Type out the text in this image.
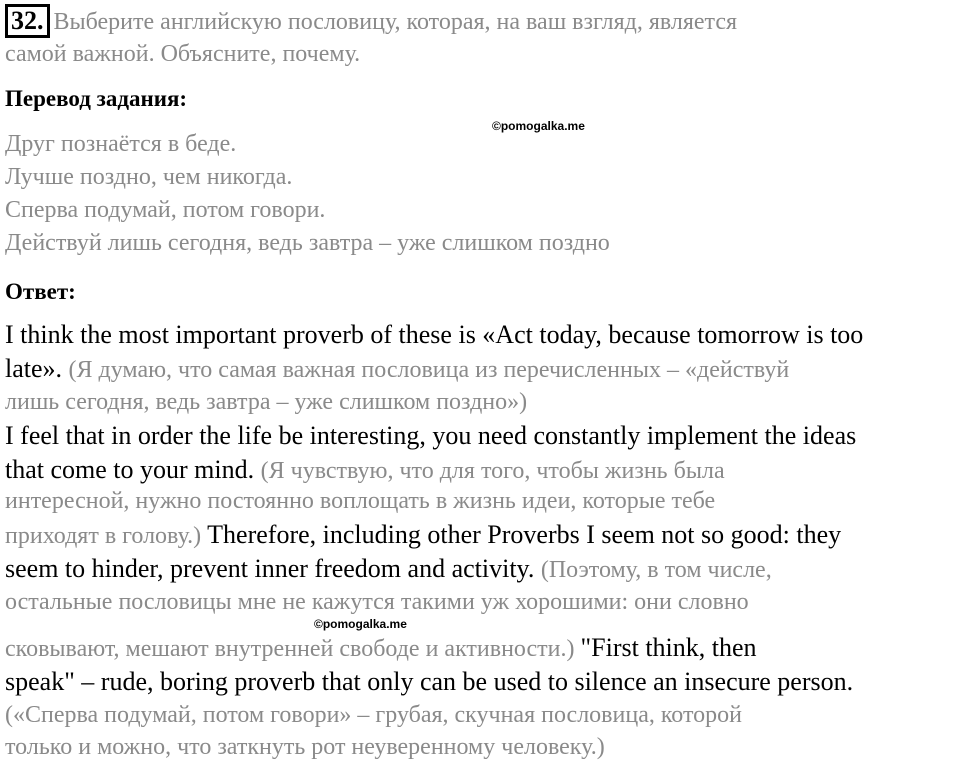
32. Выберите английскую пословицу, которая, на ваш взгляд, является
самой важной. Объясните, почему.
Перевод задания:
©pomogalka.me
Друг познаётся в беде.
Лучше поздно, чем никогда.
Сперва подумай, потом говори.
Действуй лишь сегодня, ведь завтра – уже слишком поздно
Ответ:
I think the most important proverb of these is «Act today, because tomorrow is too
late». (Я думаю, что самая важная пословица из перечисленных – «действуй
лишь сегодня, ведь завтра – уже слишком поздно»)
I feel that in order the life be interesting, you need constantly implement the ideas
that come to your mind. (Я чувствую, что для того, чтобы жизнь была
интересной, нужно постоянно воплощать в жизнь идеи, которые тебе
приходят в голову.) Therefore, including other Proverbs I seem not so good: they
seem to hinder, prevent inner freedom and activity. (Поэтому, в том числе,
остальные пословицы мне не кажутся такими уж хорошими: они словно
©pomogalka.me
сковывают, мешают внутренней свободе и активности.) "First think, then
speak" – rude, boring proverb that only can be used to silence an insecure person.
(«Сперва подумай, потом говори» – грубая, скучная пословица, которой
только и можно, что заткнуть рот неуверенному человеку.)
